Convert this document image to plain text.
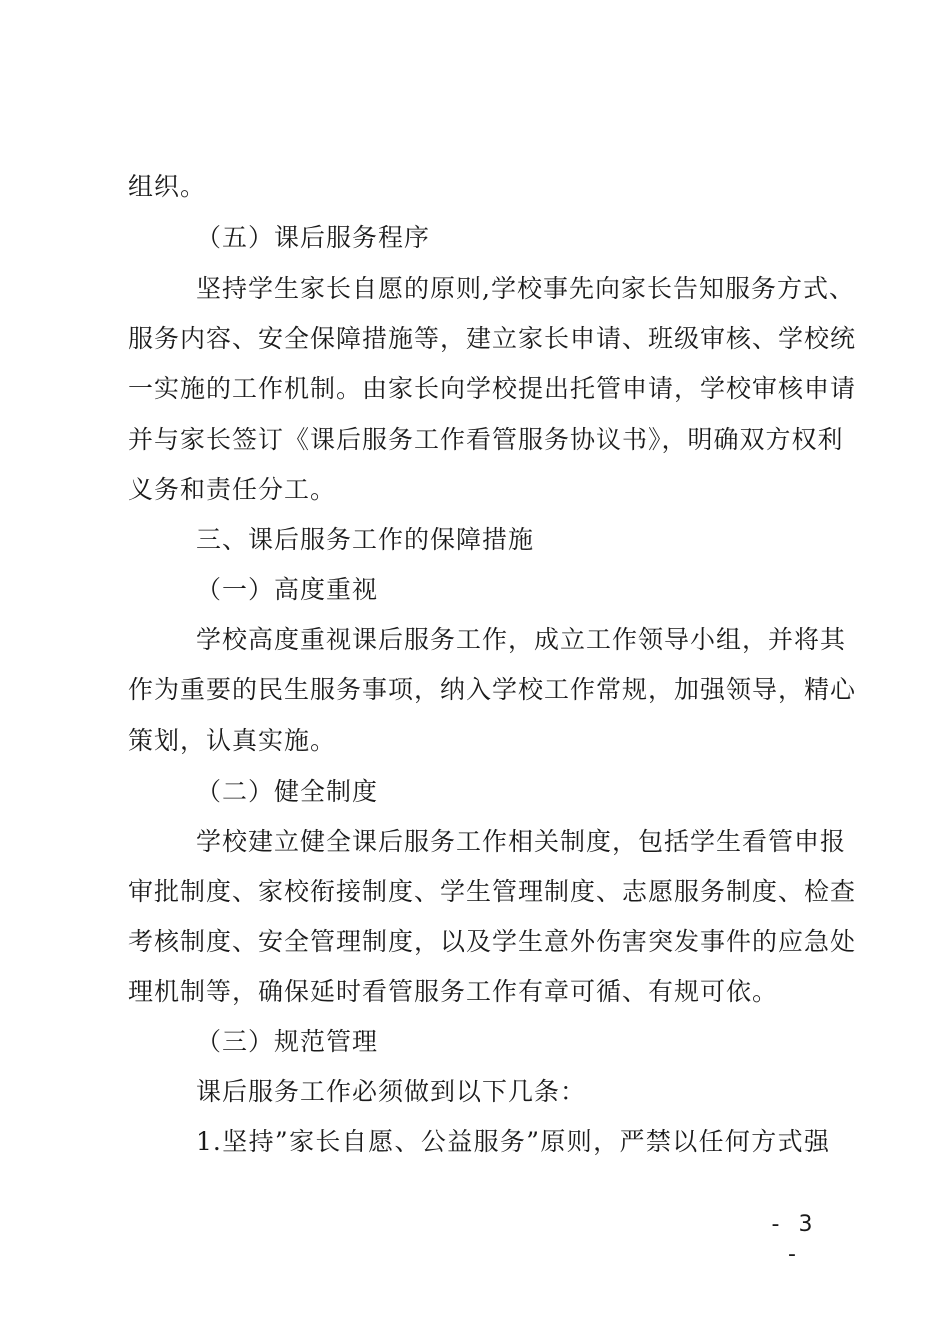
组织。
（五）课后服务程序
坚持学生家长自愿的原则,学校事先向家长告知服务方式、
服务内容、安全保障措施等，建立家长申请、班级审核、学校统
一实施的工作机制。由家长向学校提出托管申请，学校审核申请
并与家长签订《课后服务工作看管服务协议书》，明确双方权利
义务和责任分工。
三、课后服务工作的保障措施
（一）高度重视
学校高度重视课后服务工作，成立工作领导小组，并将其
作为重要的民生服务事项，纳入学校工作常规，加强领导，精心
策划，认真实施。
（二）健全制度
学校建立健全课后服务工作相关制度，包括学生看管申报
审批制度、家校衔接制度、学生管理制度、志愿服务制度、检查
考核制度、安全管理制度，以及学生意外伤害突发事件的应急处
理机制等，确保延时看管服务工作有章可循、有规可依。
（三）规范管理
课后服务工作必须做到以下几条：
1.坚持”家长自愿、公益服务”原则，严禁以任何方式强
- 3 -
